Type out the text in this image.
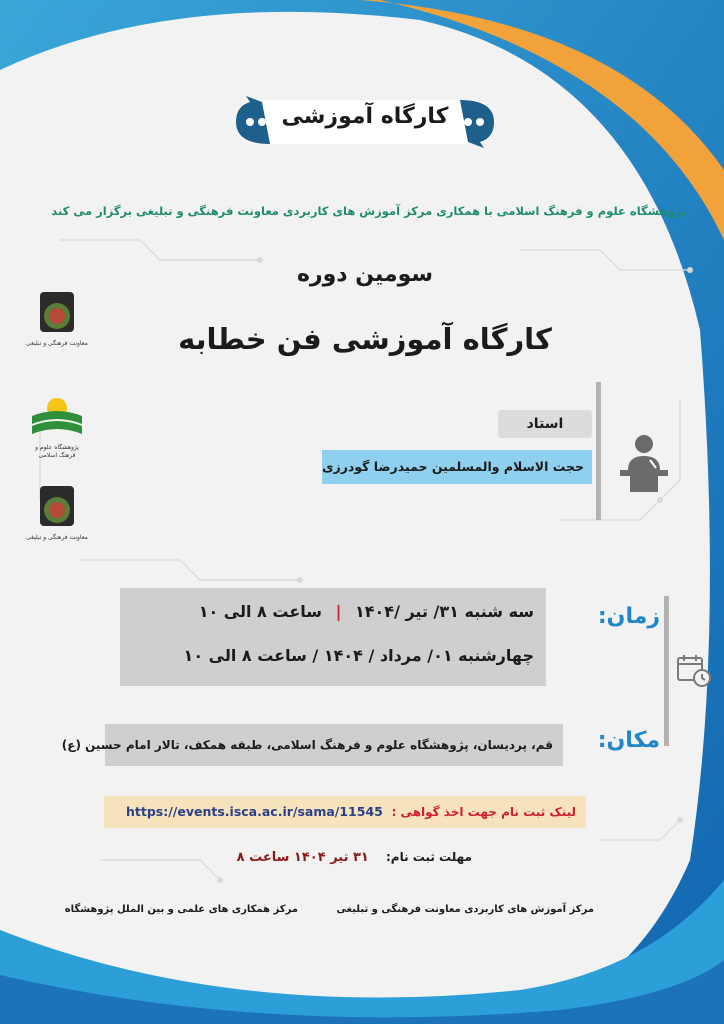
کارگاه آموزشی
پژوهشگاه علوم و فرهنگ اسلامی با همکاری مرکز آموزش های کاربردی معاونت فرهنگی و تبلیغی برگزار می کند
سومین دوره
کارگاه آموزشی فن خطابه
معاونت فرهنگی و تبلیغی
پژوهشگاه علوم و فرهنگ اسلامی
معاونت فرهنگی و تبلیغی
استاد
حجت الاسلام والمسلمین حمیدرضا گودرزی
زمان:
سه شنبه ۳۱/ تیر /۱۴۰۴ | ساعت ۸ الی ۱۰
چهارشنبه ۰۱/ مرداد / ۱۴۰۴ / ساعت ۸ الی ۱۰
مکان:
قم، پردیسان، پژوهشگاه علوم و فرهنگ اسلامی، طبقه همکف، تالار امام حسین (ع)
لینک ثبت نام جهت اخذ گواهی :
https://events.isca.ac.ir/sama/11545
مهلت ثبت نام: ۳۱ تیر ۱۴۰۴ ساعت ۸
مرکز آموزش های کاربردی معاونت فرهنگی و تبلیغی
مرکز همکاری های علمی و بین الملل پژوهشگاه
